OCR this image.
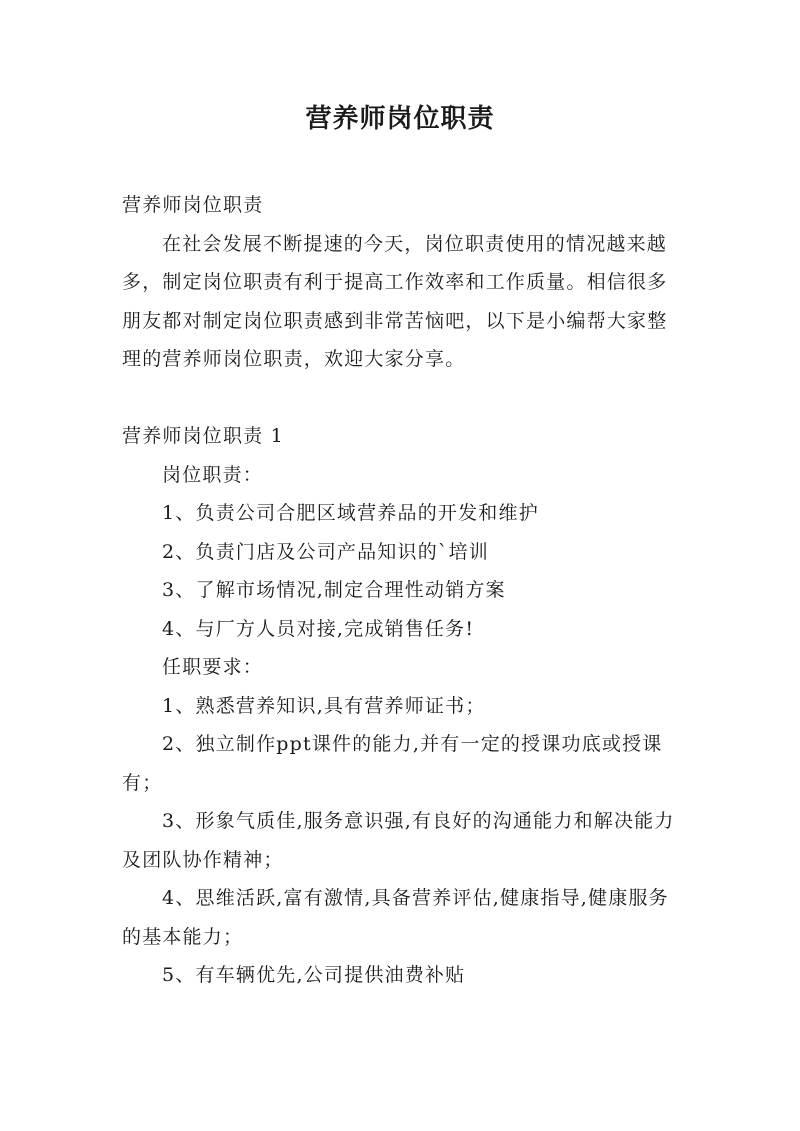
营养师岗位职责

营养师岗位职责

在社会发展不断提速的今天，岗位职责使用的情况越来越多，制定岗位职责有利于提高工作效率和工作质量。相信很多朋友都对制定岗位职责感到非常苦恼吧，以下是小编帮大家整理的营养师岗位职责，欢迎大家分享。

营养师岗位职责 1

岗位职责：

1、负责公司合肥区域营养品的开发和维护

2、负责门店及公司产品知识的`培训

3、了解市场情况,制定合理性动销方案

4、与厂方人员对接,完成销售任务!

任职要求：

1、熟悉营养知识,具有营养师证书；

2、独立制作ppt课件的能力,并有一定的授课功底或授课有；

3、形象气质佳,服务意识强,有良好的沟通能力和解决能力及团队协作精神；

4、思维活跃,富有激情,具备营养评估,健康指导,健康服务的基本能力；

5、有车辆优先,公司提供油费补贴
